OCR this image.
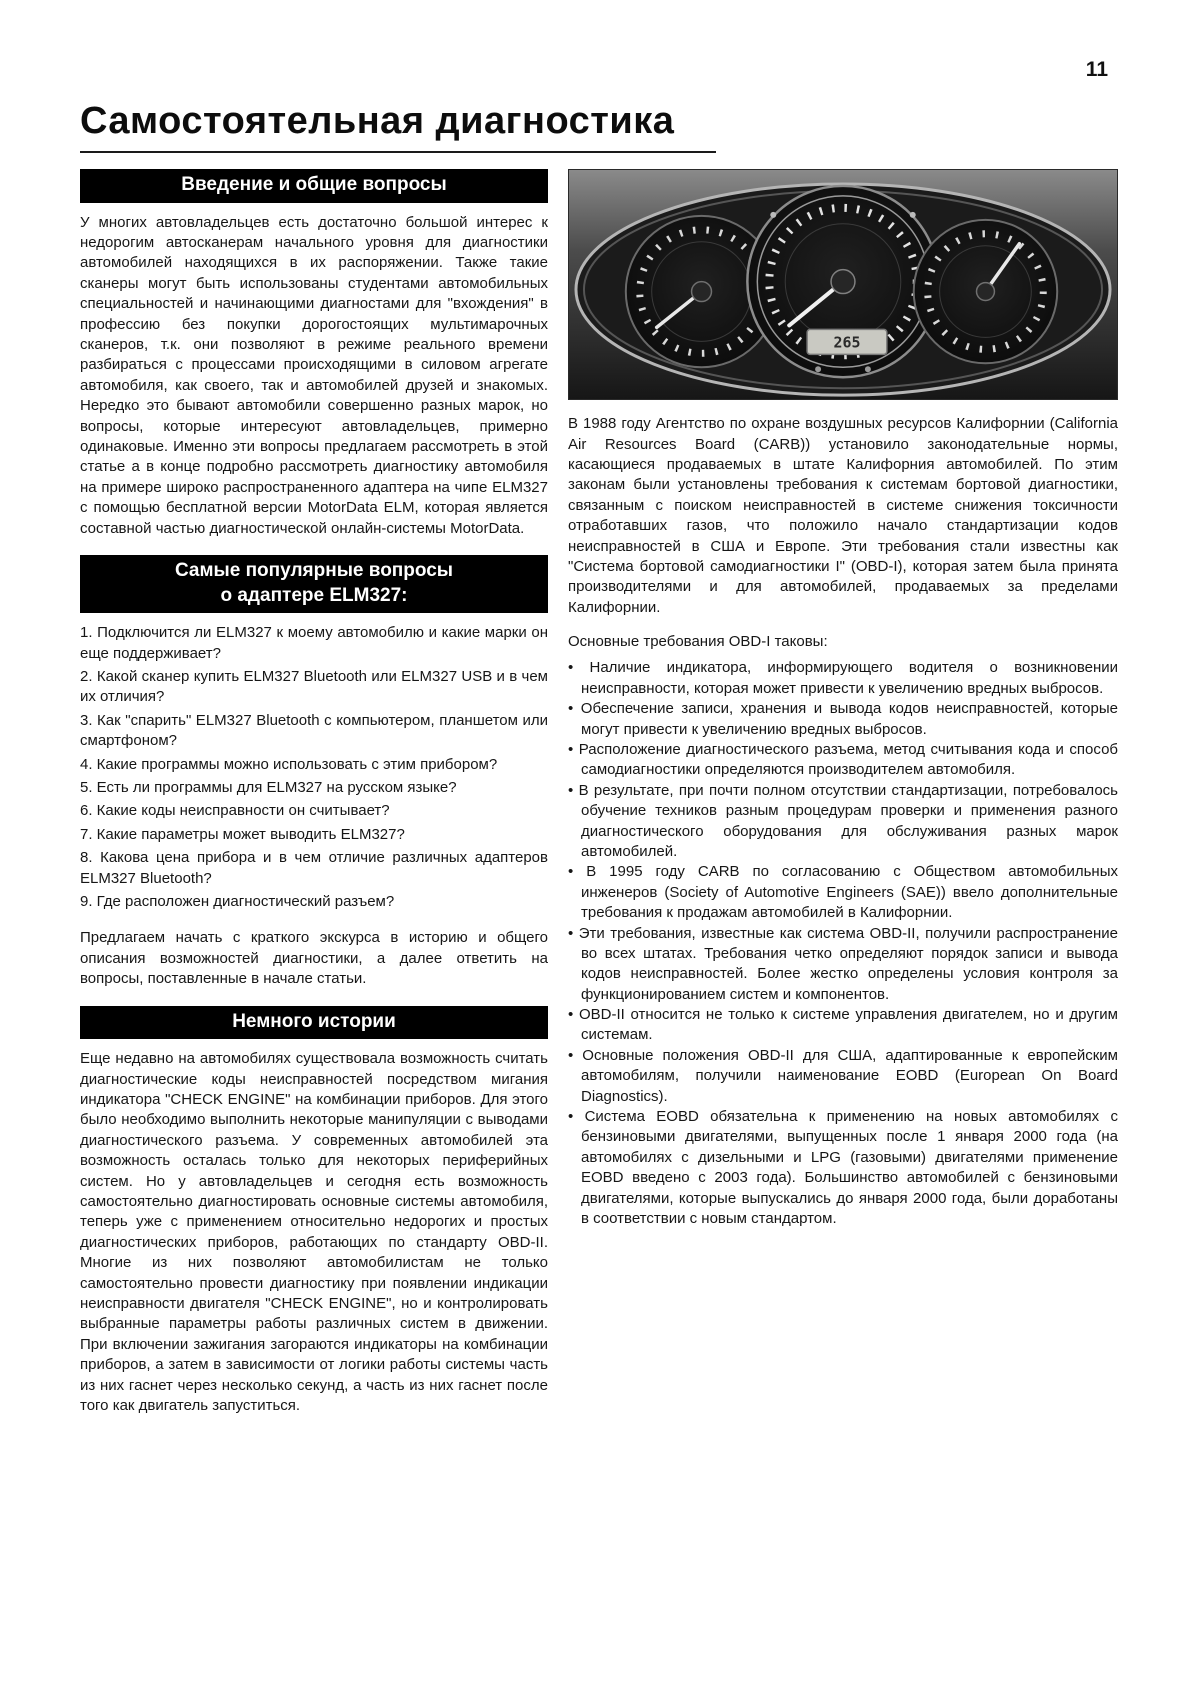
11
Самостоятельная диагностика
Введение и общие вопросы

У многих автовладельцев есть достаточно большой интерес к недорогим автосканерам начального уровня для диагностики автомобилей находящихся в их распоряжении. Также такие сканеры могут быть использованы студентами автомобильных специальностей и начинающими диагностами для "вхождения" в профессию без покупки дорогостоящих мультимарочных сканеров, т.к. они позволяют в режиме реального времени разбираться с процессами происходящими в силовом агрегате автомобиля, как своего, так и автомобилей друзей и знакомых. Нередко это бывают автомобили совершенно разных марок, но вопросы, которые интересуют автовладельцев, примерно одинаковые. Именно эти вопросы предлагаем рассмотреть в этой статье а в конце подробно рассмотреть диагностику автомобиля на примере широко распространенного адаптера на чипе ELM327 с помощью бесплатной версии MotorData ELM, которая является составной частью диагностической онлайн-системы MotorData.

Самые популярные вопросы
о адаптере ELM327:

1. Подключится ли ELM327 к моему автомобилю и какие марки он еще поддерживает?

2. Какой сканер купить ELM327 Bluetooth или ELM327 USB и в чем их отличия?

3. Как "спарить" ELM327 Bluetooth с компьютером, планшетом или смартфоном?

4. Какие программы можно использовать с этим прибором?

5. Есть ли программы для ELM327 на русском языке?

6. Какие коды неисправности он считывает?

7. Какие параметры может выводить ELM327?

8. Какова цена прибора и в чем отличие различных адаптеров ELM327 Bluetooth?

9. Где расположен диагностический разъем?

Предлагаем начать с краткого экскурса в историю и общего описания возможностей диагностики, а далее ответить на вопросы, поставленные в начале статьи.

Немного истории

Еще недавно на автомобилях существовала возможность считать диагностические коды неисправностей посредством мигания индикатора "CHECK ENGINE" на комбинации приборов. Для этого было необходимо выполнить некоторые манипуляции с выводами диагностического разъема. У современных автомобилей эта возможность осталась только для некоторых периферийных систем. Но у автовладельцев и сегодня есть возможность самостоятельно диагностировать основные системы автомобиля, теперь уже с применением относительно недорогих и простых диагностических приборов, работающих по стандарту OBD-II. Многие из них позволяют автомобилистам не только самостоятельно провести диагностику при появлении индикации неисправности двигателя "CHECK ENGINE", но и контролировать выбранные параметры работы различных систем в движении. При включении зажигания загораются индикаторы на комбинации приборов, а затем в зависимости от логики работы системы часть из них гаснет через несколько секунд, а часть из них гаснет после того как двигатель запуститься.

265

В 1988 году Агентство по охране воздушных ресурсов Калифорнии (California Air Resources Board (CARB)) установило законодательные нормы, касающиеся продаваемых в штате Калифорния автомобилей. По этим законам были установлены требования к системам бортовой диагностики, связанным с поиском неисправностей в системе снижения токсичности отработавших газов, что положило начало стандартизации кодов неисправностей в США и Европе. Эти требования стали известны как "Система бортовой самодиагностики I" (OBD-I), которая затем была принята производителями и для автомобилей, продаваемых за пределами Калифорнии.

Основные требования OBD-I таковы:

• Наличие индикатора, информирующего водителя о возникновении неисправности, которая может привести к увеличению вредных выбросов.

• Обеспечение записи, хранения и вывода кодов неисправностей, которые могут привести к увеличению вредных выбросов.

• Расположение диагностического разъема, метод считывания кода и способ самодиагностики определяются производителем автомобиля.

• В результате, при почти полном отсутствии стандартизации, потребовалось обучение техников разным процедурам проверки и применения разного диагностического оборудования для обслуживания разных марок автомобилей.

• В 1995 году CARB по согласованию с Обществом автомобильных инженеров (Society of Automotive Engineers (SAE)) ввело дополнительные требования к продажам автомобилей в Калифорнии.

• Эти требования, известные как система OBD-II, получили распространение во всех штатах. Требования четко определяют порядок записи и вывода кодов неисправностей. Более жестко определены условия контроля за функционированием систем и компонентов.

• OBD-II относится не только к системе управления двигателем, но и другим системам.

• Основные положения OBD-II для США, адаптированные к европейским автомобилям, получили наименование EOBD (European On Board Diagnostics).

• Система EOBD обязательна к применению на новых автомобилях с бензиновыми двигателями, выпущенных после 1 января 2000 года (на автомобилях с дизельными и LPG (газовыми) двигателями применение EOBD введено с 2003 года). Большинство автомобилей с бензиновыми двигателями, которые выпускались до января 2000 года, были доработаны в соответствии с новым стандартом.
